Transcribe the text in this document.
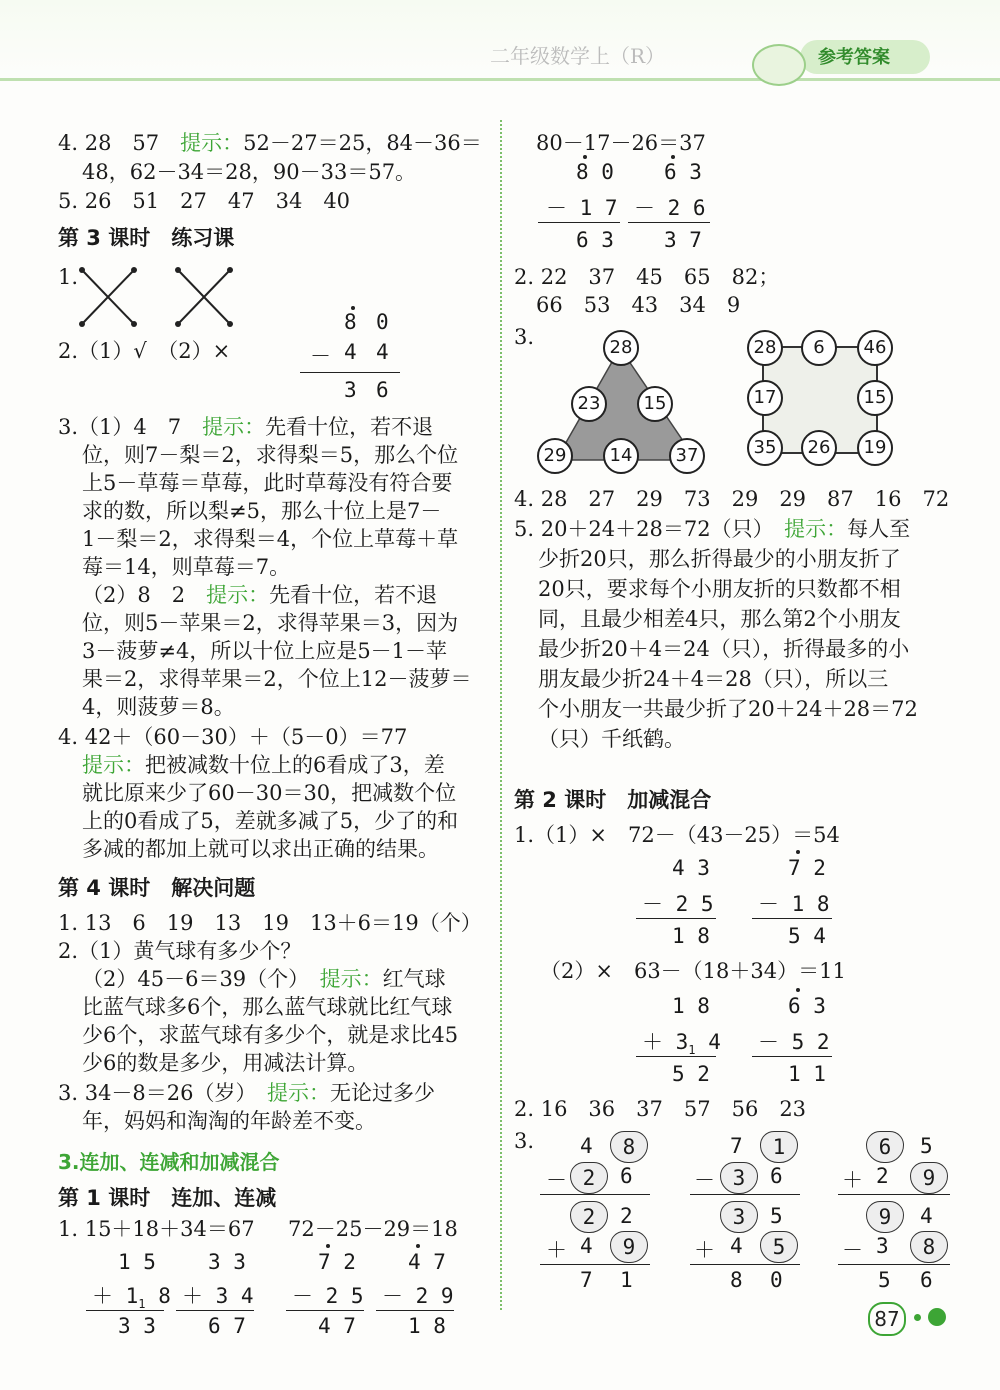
二年级数学上（R）	参考答案
4. 28　57　 提示：52－27＝25，84－36＝
48，62－34＝28，90－33＝57。
5. 26　51　27　47　34　40
第 3 课时　练习课
1.
2.（1）√　（2）×
8 0
－ 4 4
3 6
3.（1）4　7　 提示：先看十位，若不退
位，则7－梨＝2，求得梨＝5，那么个位
上5－草莓＝草莓，此时草莓没有符合要
求的数，所以梨≠5，那么十位上是7－
1－梨＝2，求得梨＝4，个位上草莓＋草
莓＝14，则草莓＝7。
（2）8　2　 提示：先看十位，若不退
位，则5－苹果＝2，求得苹果＝3，因为
3－菠萝≠4，所以十位上应是5－1－苹
果＝2，求得苹果＝2，个位上12－菠萝＝
4，则菠萝＝8。
4. 42＋（60－30）＋（5－0）＝77
提示：把被减数十位上的6看成了3，差
就比原来少了60－30＝30，把减数个位
上的0看成了5，差就多减了5，少了的和
多减的都加上就可以求出正确的结果。
第 4 课时　解决问题
1. 13　6　19　13　19　13＋6＝19（个）
2.（1）黄气球有多少个？
（2）45－6＝39（个）　 提示：红气球
比蓝气球多6个，那么蓝气球就比红气球
少6个，求蓝气球有多少个，就是求比45
少6的数是多少，用减法计算。
3. 34－8＝26（岁）　 提示：无论过多少
年，妈妈和淘淘的年龄差不变。
3.连加、连减和加减混合
第 1 课时　连加、连减
1. 15＋18＋34＝67 72－25－29＝18
1 5
＋ $1_1$ 8
3 3
3 3
＋ 3 4
6 7
7 2
－ 2 5
4 7
4 7
－ 2 9
1 8
80－17－26＝37
8 0
－ 1 7
6 3
6 3
－ 2 6
3 7
2. 22　37　45　65　82；
66　53　43　34　9
3.	28
23	15
29	14	37
28	6	46
17	15
35	26	19
4. 28　27　29　73　29　29　87　16　72
5. 20＋24＋28＝72（只）　 提示：每人至
少折20只，那么折得最少的小朋友折了
20只，要求每个小朋友折的只数都不相
同，且最少相差4只，那么第2个小朋友
最少折20＋4＝24（只），折得最多的小
朋友最少折24＋4＝28（只），所以三
个小朋友一共最少折了20＋24＋28＝72
（只）千纸鹤。
第 2 课时　加减混合
1.（1）×　72－（43－25）＝54
4 3
－ 2 5
1 8
7 2
－ 1 8
5 4
（2）×　63－（18＋34）＝11
1 8
＋ $3_1$ 4
5 2
6 3
－ 5 2
1 1
2. 16　36　37　57　56　23
3. 4	8
－ 2	6
2	2
＋ 4	9
7 1
7	1
－ 3	6
3	5
＋ 4	5
8 0
6	5
＋ 2	9
9	4
－ 3	8
5 6
87
